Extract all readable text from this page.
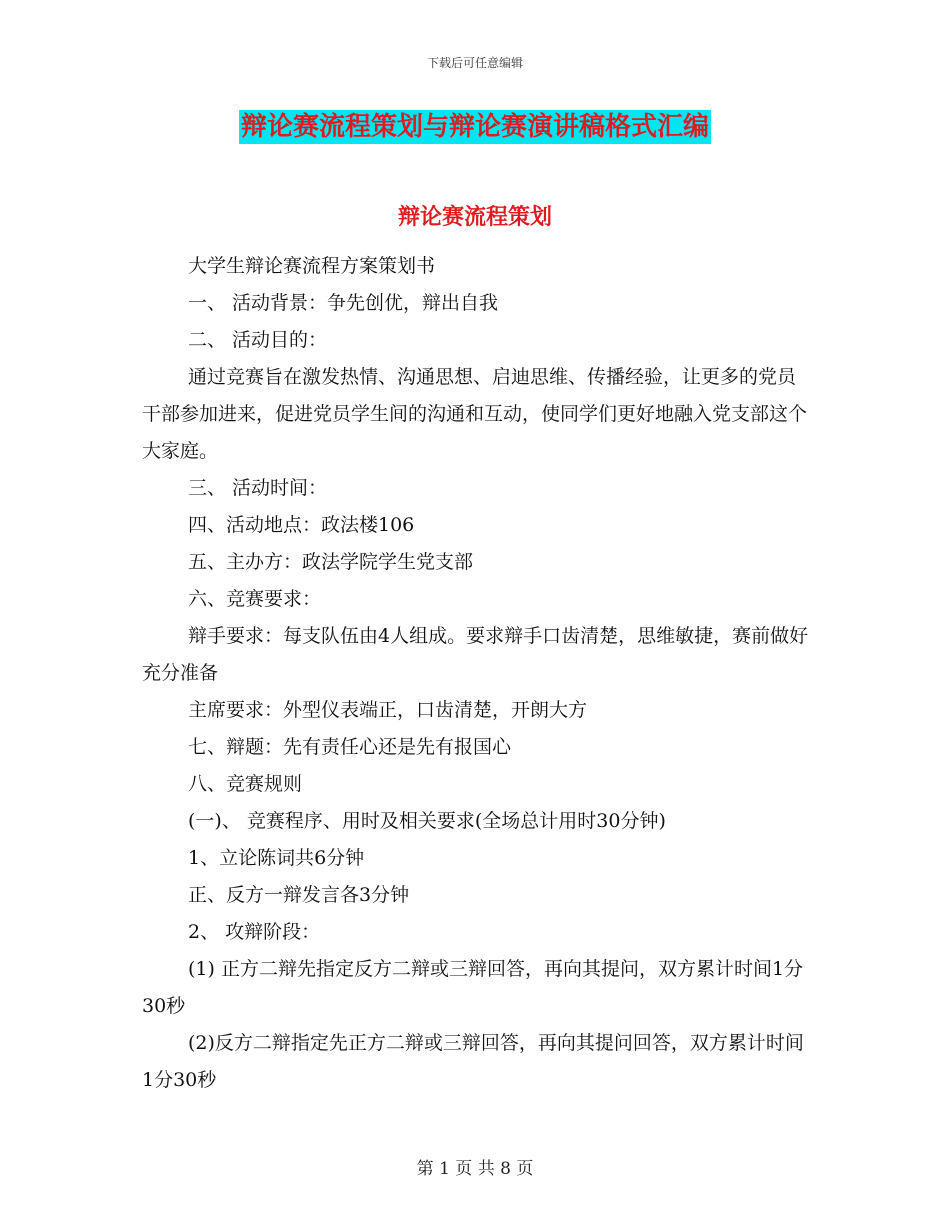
下载后可任意编辑
辩论赛流程策划与辩论赛演讲稿格式汇编
辩论赛流程策划

大学生辩论赛流程方案策划书

一、 活动背景：争先创优，辩出自我

二、 活动目的：

通过竞赛旨在激发热情、沟通思想、启迪思维、传播经验，让更多的党员干部参加进来，促进党员学生间的沟通和互动，使同学们更好地融入党支部这个大家庭。

三、 活动时间：

四、活动地点：政法楼106

五、主办方：政法学院学生党支部

六、竞赛要求：

辩手要求：每支队伍由4人组成。要求辩手口齿清楚，思维敏捷，赛前做好充分准备

主席要求：外型仪表端正，口齿清楚，开朗大方

七、辩题：先有责任心还是先有报国心

八、竞赛规则

(一)、 竞赛程序、用时及相关要求(全场总计用时30分钟)

1、立论陈词共6分钟

正、反方一辩发言各3分钟

2、 攻辩阶段：

(1) 正方二辩先指定反方二辩或三辩回答，再向其提问，双方累计时间1分30秒

(2)反方二辩指定先正方二辩或三辩回答，再向其提问回答，双方累计时间1分30秒

第 1 页 共 8 页
